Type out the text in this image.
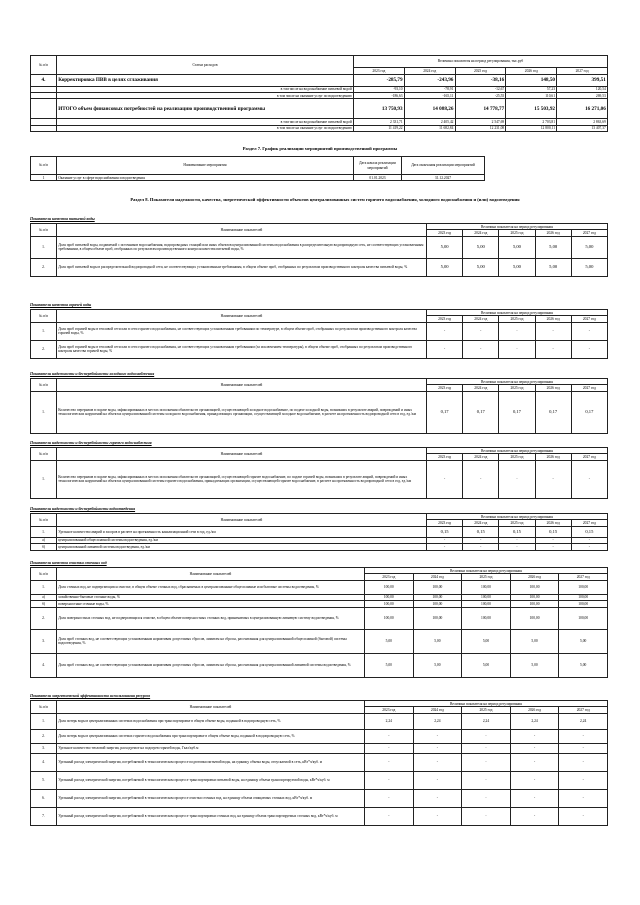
№ п/п	Статьи расходов	Величина показателя на период регулирования, тыс.руб				
		2023 год	2024 год	2025 год	2026 год	2027 год
4.	Корректировка ПВВ в целях сглаживания	-285,79	-243,96	-38,16	148,50	399,51
	в том числе на водоснабжение питьевой водой	-93,10	-78,91	-12,67	57,23	120,54
	в том числе на оказание услуг по водоотведению	-186,63	-165,11	-25,55	110,61	269,53
	ИТОГО объем финансовых потребностей на реализацию производственной программы	13 750,93	14 088,26	14 778,77	15 503,92	16 271,06
	в том числе на водоснабжение питьевой водой	2 331,71	2 405,42	2 547,69	2 703,81	2 863,69
	в том числе на оказание услуг по водоотведению	11 419,22	11 682,84	12 231,08	12 800,11	13 407,37
Раздел 7. График реализации мероприятий производственной программы
№ п/п	Наименование мероприятия	Дата начала реализации мероприятий	Дата окончания реализации мероприятий
1	Оказание услуг в сфере водоснабжения и водоотведения	01.01.2023	31.12.2027
Раздел 8. Показатели надежности, качества, энергетической эффективности объектов централизованных систем горячего водоснабжения, холодного водоснабжения и (или) водоотведения
Показатели качества питьевой воды
№ п/п	Наименование показателей	Величина показателя на период регулирования				
		2023 год	2024 год	2025 год	2026 год	2027 год
1.	Доля проб питьевой воды, подаваемой с источников водоснабжения, водопроводных станций или иных объектов централизованной системы водоснабжения в распределительную водопроводную сеть, не соответствующих установленным требованиям, в общем объеме проб, отобранных по результатам производственного контроля качества питьевой воды, %	5,00	5,00	5,00	5,00	5,00
2.	Доля проб питьевой воды в распределительной водопроводной сети, не соответствующих установленным требованиям, в общем объеме проб, отобранных по результатам производственного контроля качества питьевой воды, %	5,00	5,00	5,00	5,00	5,00
Показатели качества горячей воды
№ п/п	Наименование показателей	Величина показателя на период регулирования				
		2023 год	2024 год	2025 год	2026 год	2027 год
1.	Доля проб горячей воды в тепловой сети или в сети горячего водоснабжения, не соответствующих установленным требованиям по температуре, в общем объеме проб, отобранных по результатам производственного контроля качества горячей воды, %	-	-	-	-	-
2.	Доля проб горячей воды в тепловой сети или в сети горячего водоснабжения, не соответствующих установленным требованиям (за исключением температуры), в общем объеме проб, отобранных по результатам производственного контроля качества горячей воды, %	-	-	-	-	-
Показатели надежности и бесперебойности холодного водоснабжения
№ п/п	Наименование показателей	Величина показателя на период регулирования				
		2023 год	2024 год	2025 год	2026 год	2027 год
1.	Количество перерывов в подаче воды, зафиксированных в местах исполнения обязательств организацией, осуществляющей холодное водоснабжение, по подаче холодной воды, возникших в результате аварий, повреждений и иных технологических нарушений на объектах централизованной системы холодного водоснабжения, принадлежащих организации, осуществляющей холодное водоснабжение, в расчете на протяженность водопроводной сети в год, ед./км	0,17	0,17	0,17	0,17	0,17
Показатели надежности и бесперебойности горячего водоснабжения
№ п/п	Наименование показателей	Величина показателя на период регулирования				
		2023 год	2024 год	2025 год	2026 год	2027 год
1.	Количество перерывов в подаче воды, зафиксированных в местах исполнения обязательств организацией, осуществляющей горячее водоснабжение, по подаче горячей воды, возникших в результате аварий, повреждений и иных технологических нарушений на объектах централизованной системы горячего водоснабжения, принадлежащих организации, осуществляющей горячее водоснабжение, в расчете на протяженность водопроводной сети в год, ед./км	-	-	-	-	-
Показатели надежности и бесперебойности водоотведения
№ п/п	Наименование показателей	Величина показателя на период регулирования				
		2023 год	2024 год	2025 год	2026 год	2027 год
1.	Удельное количество аварий и засоров в расчете на протяженность канализационной сети в год, ед./км	0,15	0,15	0,15	0,15	0,15
а)	централизованной общесплавной системы водоотведения, ед./км	-	-	-	-	-
б)	централизованной ливневой системы водоотведения, ед./км	-	-	-	-	-
Показатели качества очистки сточных вод
№ п/п	Наименование показателей	Величина показателя на период регулирования				
		2023 год	2024 год	2025 год	2026 год	2027 год
1.	Доля сточных вод, не подвергающихся очистке, в общем объеме сточных вод, сбрасываемых в централизованные общесплавные или бытовые системы водоотведения, %	100,00	100,00	100,00	100,00	100,00
а)	хозяйственно-бытовые сточные воды, %	100,00	100,00	100,00	100,00	100,00
б)	поверхностные сточные воды, %	100,00	100,00	100,00	100,00	100,00
2.	Доля поверхностных сточных вод, не подвергающихся очистке, в общем объеме поверхностных сточных вод, принимаемых в централизованную ливневую систему водоотведения, %	100,00	100,00	100,00	100,00	100,00
3.	Доля проб сточных вод, не соответствующих установленным нормативам допустимых сбросов, лимитам на сбросы, рассчитанная для централизованной общесплавной (бытовой) системы водоотведения, %	5,00	5,00	5,00	5,00	5,00
4.	Доля проб сточных вод, не соответствующих установленным нормативам допустимых сбросов, лимитам на сбросы, рассчитанная для централизованной ливневой системы водоотведения, %	5,00	5,00	5,00	5,00	5,00
Показатели энергетической эффективности использования ресурсов
№ п/п	Наименование показателей	Величина показателя на период регулирования				
		2023 год	2024 год	2025 год	2026 год	2027 год
1.	Доля потерь воды в централизованных системах водоснабжения при транспортировке в общем объеме воды, поданной в водопроводную сеть, %	2,24	2,24	2,24	2,24	2,24
2.	Доля потерь воды в централизованных системах горячего водоснабжения при транспортировке в общем объеме воды, поданной в водопроводную сеть, %	-	-	-	-	-
3.	Удельное количество тепловой энергии, расходуемое на подогрев горячей воды, Гкал/куб.м	-	-	-	-	-
4.	Удельный расход электрической энергии, потребляемой в технологическом процессе подготовки питьевой воды, на единицу объема воды, отпускаемой в сеть, кВт*ч/куб. м	-	-	-	-	-
5.	Удельный расход электрической энергии, потребляемой в технологическом процессе транспортировки питьевой воды, на единицу объема транспортируемой воды, кВт*ч/куб. м	-	-	-	-	-
6.	Удельный расход электрической энергии, потребляемой в технологическом процессе очистки сточных вод, на единицу объема очищаемых сточных вод, кВт*ч/куб. м	-	-	-	-	-
7.	Удельный расход электрической энергии, потребляемой в технологическом процессе транспортировки сточных вод, на единицу объема транспортируемых сточных вод, кВт*ч/куб. м	-	-	-	-	-
